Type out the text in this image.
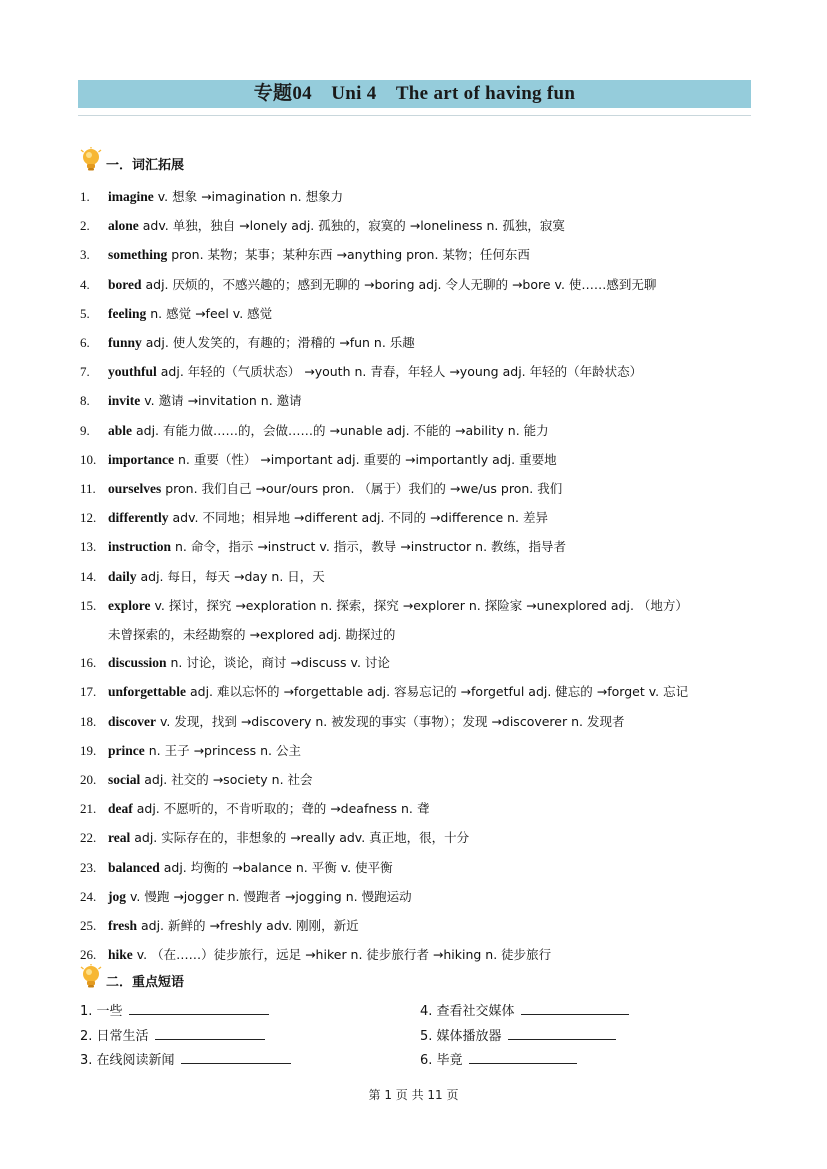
专题04　Uni 4　The art of having fun
一．词汇拓展
1. imagine v. 想象 →imagination n. 想象力
2. alone adv. 单独，独自 →lonely adj. 孤独的，寂寞的 →loneliness n. 孤独，寂寞
3. something pron. 某物；某事；某种东西 →anything pron. 某物；任何东西
4. bored adj. 厌烦的，不感兴趣的；感到无聊的 →boring adj. 令人无聊的 →bore v. 使……感到无聊
5. feeling n. 感觉 →feel v. 感觉
6. funny adj. 使人发笑的，有趣的；滑稽的 →fun n. 乐趣
7. youthful adj. 年轻的（气质状态） →youth n. 青春，年轻人 →young adj. 年轻的（年龄状态）
8. invite v. 邀请 →invitation n. 邀请
9. able adj. 有能力做……的，会做……的 →unable adj. 不能的 →ability n. 能力
10. importance n. 重要（性） →important adj. 重要的 →importantly adj. 重要地
11. ourselves pron. 我们自己 →our/ours pron. （属于）我们的 →we/us pron. 我们
12. differently adv. 不同地；相异地 →different adj. 不同的 →difference n. 差异
13. instruction n. 命令，指示 →instruct v. 指示，教导 →instructor n. 教练，指导者
14. daily adj. 每日，每天 →day n. 日，天
15. explore v. 探讨，探究 →exploration n. 探索，探究 →explorer n. 探险家 →unexplored adj. （地方）
未曾探索的，未经勘察的 →explored adj. 勘探过的
16. discussion n. 讨论，谈论，商讨 →discuss v. 讨论
17. unforgettable adj. 难以忘怀的 →forgettable adj. 容易忘记的 →forgetful adj. 健忘的 →forget v. 忘记
18. discover v. 发现，找到 →discovery n. 被发现的事实（事物）；发现 →discoverer n. 发现者
19. prince n. 王子 →princess n. 公主
20. social adj. 社交的 →society n. 社会
21. deaf adj. 不愿听的，不肯听取的；聋的 →deafness n. 聋
22. real adj. 实际存在的，非想象的 →really adv. 真正地，很，十分
23. balanced adj. 均衡的 →balance n. 平衡 v. 使平衡
24. jog v. 慢跑 →jogger n. 慢跑者 →jogging n. 慢跑运动
25. fresh adj. 新鲜的 →freshly adv. 刚刚，新近
26. hike v. （在……）徒步旅行，远足 →hiker n. 徒步旅行者 →hiking n. 徒步旅行
二．重点短语
1. 一些	4. 查看社交媒体
2. 日常生活	5. 媒体播放器
3. 在线阅读新闻	6. 毕竟
第 1 页 共 11 页
